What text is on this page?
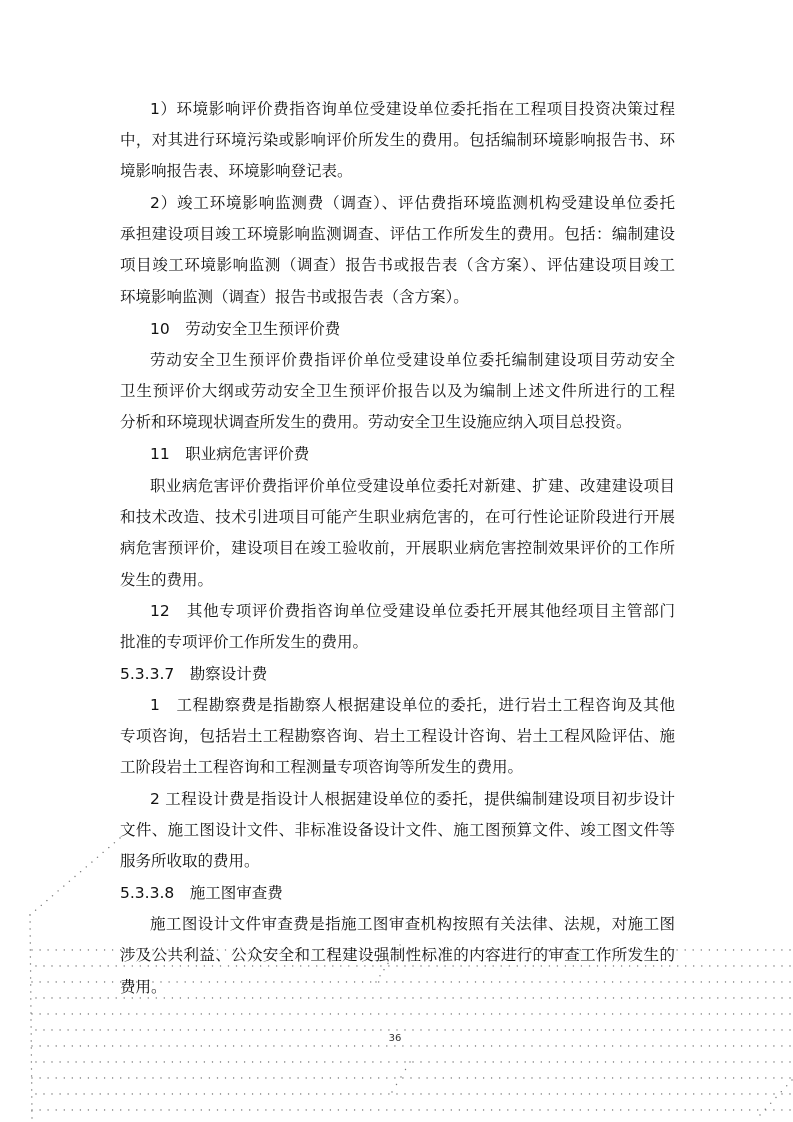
1）环境影响评价费指咨询单位受建设单位委托指在工程项目投资决策过程
中，对其进行环境污染或影响评价所发生的费用。包括编制环境影响报告书、环
境影响报告表、环境影响登记表。
2）竣工环境影响监测费（调查）、评估费指环境监测机构受建设单位委托
承担建设项目竣工环境影响监测调查、评估工作所发生的费用。包括：编制建设
项目竣工环境影响监测（调查）报告书或报告表（含方案）、评估建设项目竣工
环境影响监测（调查）报告书或报告表（含方案）。
10　劳动安全卫生预评价费
劳动安全卫生预评价费指评价单位受建设单位委托编制建设项目劳动安全
卫生预评价大纲或劳动安全卫生预评价报告以及为编制上述文件所进行的工程
分析和环境现状调查所发生的费用。劳动安全卫生设施应纳入项目总投资。
11　职业病危害评价费
职业病危害评价费指评价单位受建设单位委托对新建、扩建、改建建设项目
和技术改造、技术引进项目可能产生职业病危害的，在可行性论证阶段进行开展
病危害预评价，建设项目在竣工验收前，开展职业病危害控制效果评价的工作所
发生的费用。
12　其他专项评价费指咨询单位受建设单位委托开展其他经项目主管部门
批准的专项评价工作所发生的费用。
5.3.3.7　勘察设计费
1　工程勘察费是指勘察人根据建设单位的委托，进行岩土工程咨询及其他
专项咨询，包括岩土工程勘察咨询、岩土工程设计咨询、岩土工程风险评估、施
工阶段岩土工程咨询和工程测量专项咨询等所发生的费用。
2 工程设计费是指设计人根据建设单位的委托，提供编制建设项目初步设计
文件、施工图设计文件、非标准设备设计文件、施工图预算文件、竣工图文件等
服务所收取的费用。
5.3.3.8　施工图审查费
施工图设计文件审查费是指施工图审查机构按照有关法律、法规，对施工图
涉及公共利益、公众安全和工程建设强制性标准的内容进行的审查工作所发生的
费用。
36
